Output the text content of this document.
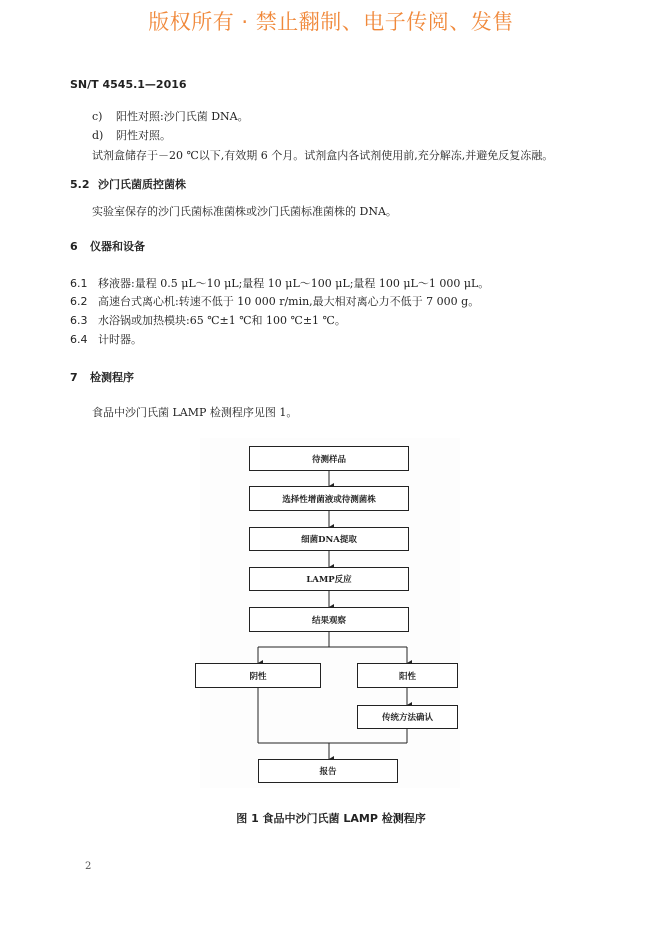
版权所有 · 禁止翻制、电子传阅、发售
SN/T 4545.1—2016
c) 阳性对照:沙门氏菌 DNA。
d) 阴性对照。
试剂盒储存于－20 ℃以下,有效期 6 个月。试剂盒内各试剂使用前,充分解冻,并避免反复冻融。
5.2 沙门氏菌质控菌株
实验室保存的沙门氏菌标准菌株或沙门氏菌标准菌株的 DNA。
6 仪器和设备
6.1 移液器:量程 0.5 μL～10 μL;量程 10 μL～100 μL;量程 100 μL～1 000 μL。
6.2 高速台式离心机:转速不低于 10 000 r/min,最大相对离心力不低于 7 000 g。
6.3 水浴锅或加热模块:65 ℃±1 ℃和 100 ℃±1 ℃。
6.4 计时器。
7 检测程序
食品中沙门氏菌 LAMP 检测程序见图 1。
待测样品
选择性增菌液或待测菌株
细菌DNA提取
LAMP反应
结果观察
阴性	阳性
传统方法确认
报告
图 1 食品中沙门氏菌 LAMP 检测程序
2
